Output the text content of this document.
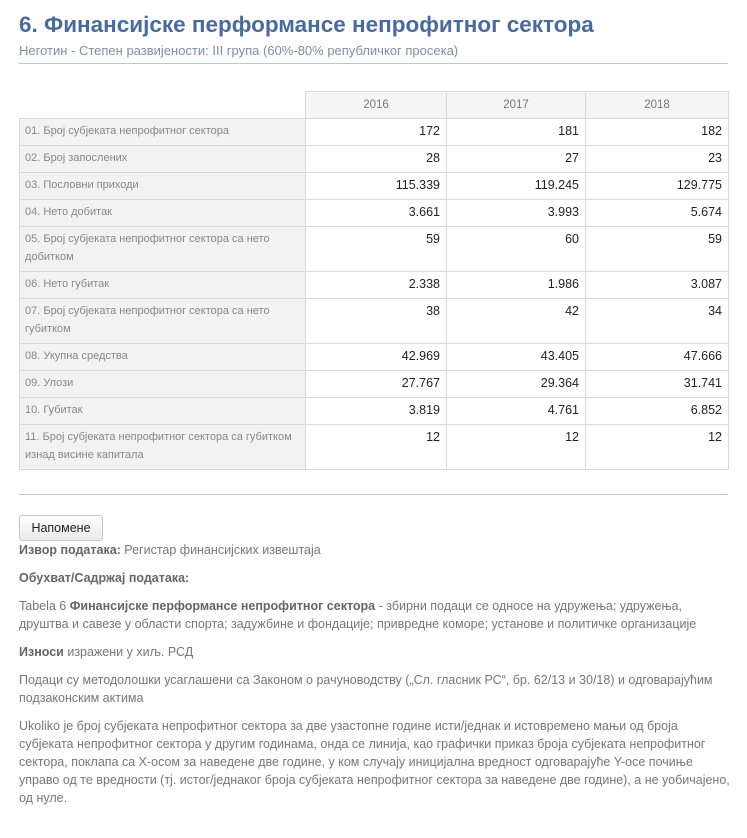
6. Финансијске перформансе непрофитног сектора
Неготин - Степен развијености: III група (60%-80% републичког просека)
	2016	2017	2018
01. Број субјеката непрофитног сектора	172	181	182
02. Број запослених	28	27	23
03. Пословни приходи	115.339	119.245	129.775
04. Нето добитак	3.661	3.993	5.674
05. Број субјеката непрофитног сектора са нето добитком	59	60	59
06. Нето губитак	2.338	1.986	3.087
07. Број субјеката непрофитног сектора са нето губитком	38	42	34
08. Укупна средства	42.969	43.405	47.666
09. Улози	27.767	29.364	31.741
10. Губитак	3.819	4.761	6.852
11. Број субјеката непрофитног сектора са губитком изнад висине капитала	12	12	12
Напомене

Извор података: Регистар финансијских извештаја

Обухват/Садржај података:

Tabela 6 Финансијске перформансе непрофитног сектора - збирни подаци се односе на удружења; удружења, друштва и савезе у области спорта; задужбине и фондације; привредне коморе; установе и политичке организације

Износи изражени у хиљ. РСД

Подаци су методолошки усаглашени са Законом о рачуноводству („Сл. гласник РС“, бр. 62/13 и 30/18) и одговарајућим подзаконским актима

Ukoliko je број субјеката непрофитног сектора за две узастопне године исти/једнак и истовремено мањи од броја субјеката непрофитног сектора у другим годинама, онда се линија, као графички приказ броја субјеката непрофитног сектора, поклапа са X-осом за наведене две године, у ком случају иницијална вредност одговарајуће Y-осе почиње управо од те вредности (тј. истог/једнаког броја субјеката непрофитног сектора за наведене две године), а не уобичајено, од нуле.
